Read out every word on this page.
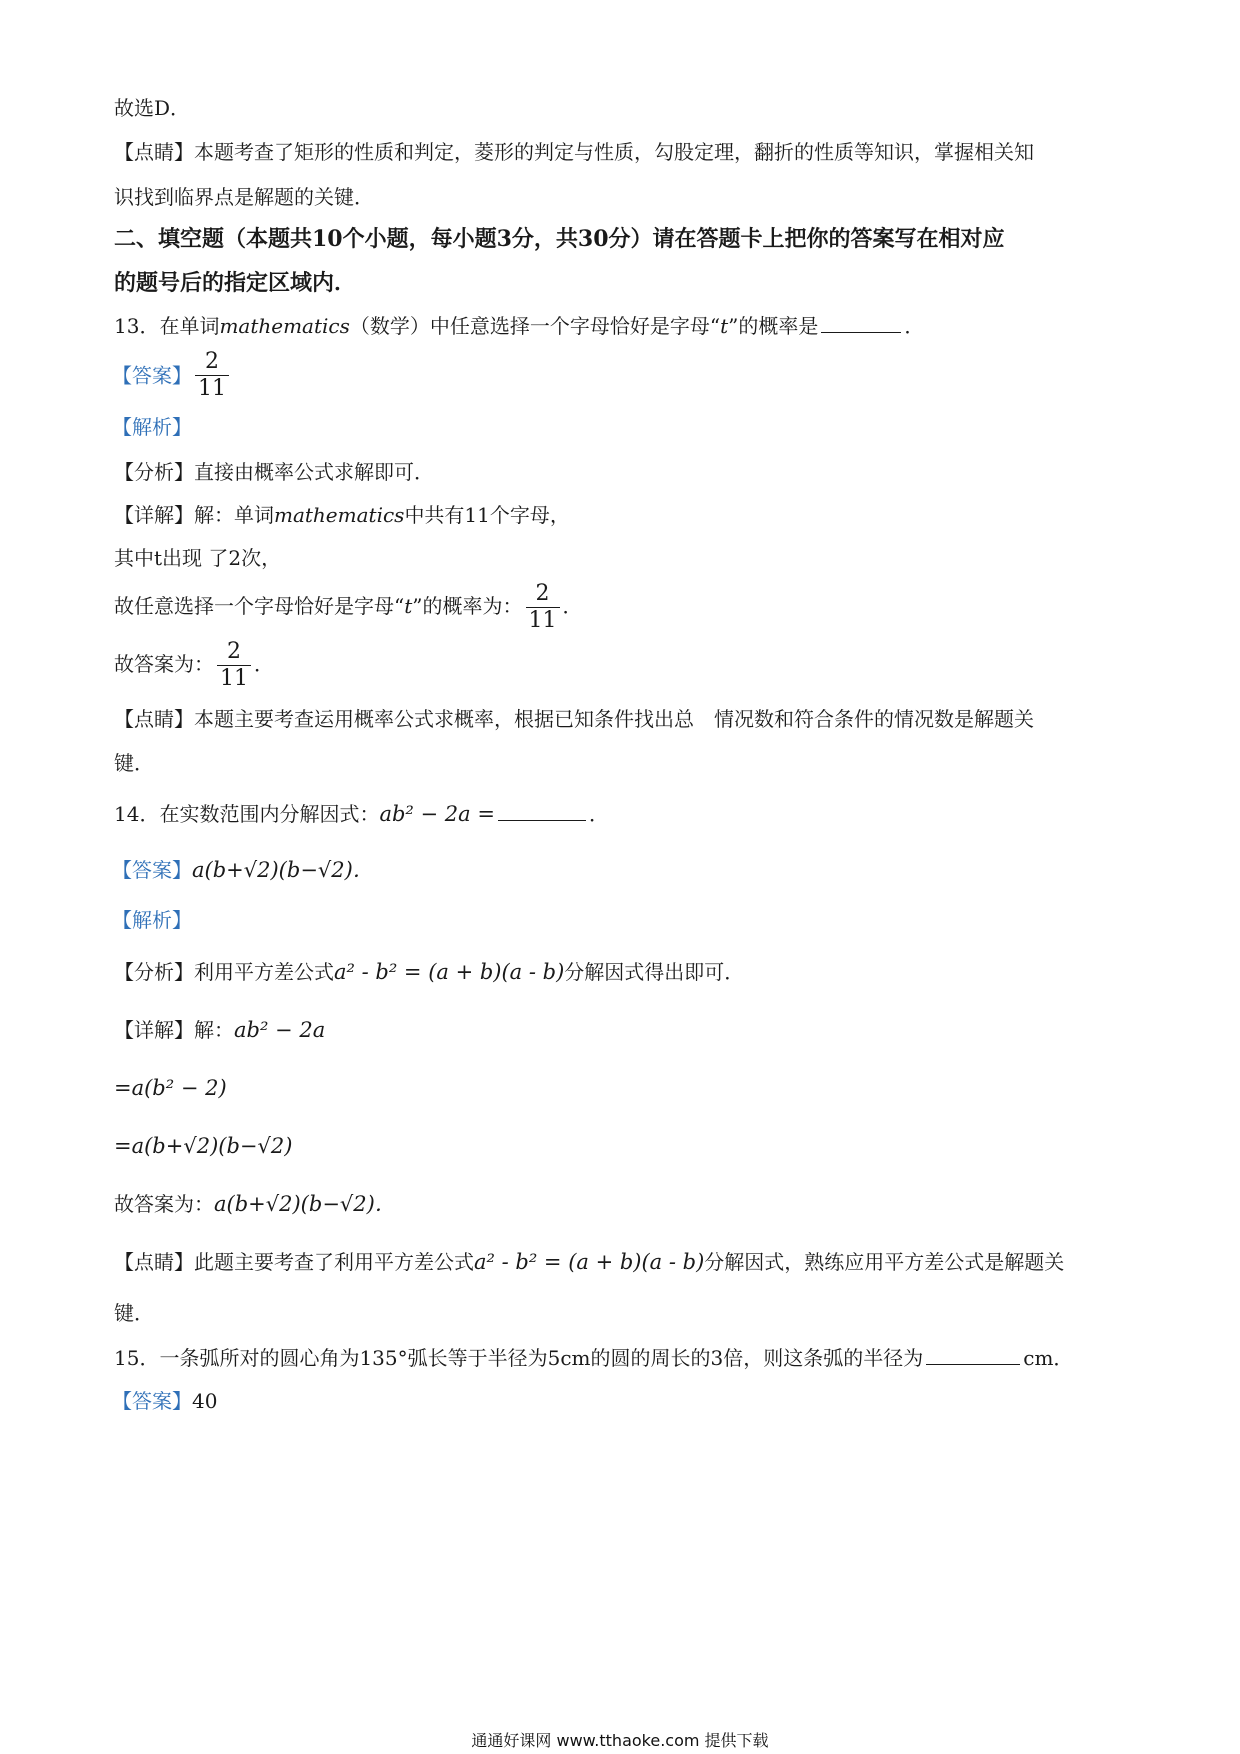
故选D．
【点睛】本题考查了矩形的性质和判定，菱形的判定与性质，勾股定理，翻折的性质等知识，掌握相关知
识找到临界点是解题的关键．
二、填空题（本题共10个小题，每小题3分，共30分）请在答题卡上把你的答案写在相对应
的题号后的指定区域内．
13．在单词mathematics（数学）中任意选择一个字母恰好是字母“t”的概率是	．
【答案】 $\frac{2}{11}$
【解析】
【分析】直接由概率公式求解即可．
【详解】解：单词mathematics中共有11个字母，
其中t出现 了2次，
故任意选择一个字母恰好是字母“t”的概率为： $\frac{2}{11}$ ．
故答案为： $\frac{2}{11}$ ．
【点睛】本题主要考查运用概率公式求概率，根据已知条件找出总　情况数和符合条件的情况数是解题关
键．
14．在实数范围内分解因式：ab² − 2a =	．
【答案】a(b+√2)(b−√2)．
【解析】
【分析】利用平方差公式a² - b² = (a + b)(a - b)分解因式得出即可．
【详解】解：ab² − 2a
=a(b² − 2)
=a(b+√2)(b−√2)
故答案为：a(b+√2)(b−√2)．
【点睛】此题主要考查了利用平方差公式a² - b² = (a + b)(a - b)分解因式，熟练应用平方差公式是解题关
键．
15．一条弧所对的圆心角为135°弧长等于半径为5cm的圆的周长的3倍，则这条弧的半径为	cm．
【答案】40
通通好课网 www.tthaoke.com 提供下载
